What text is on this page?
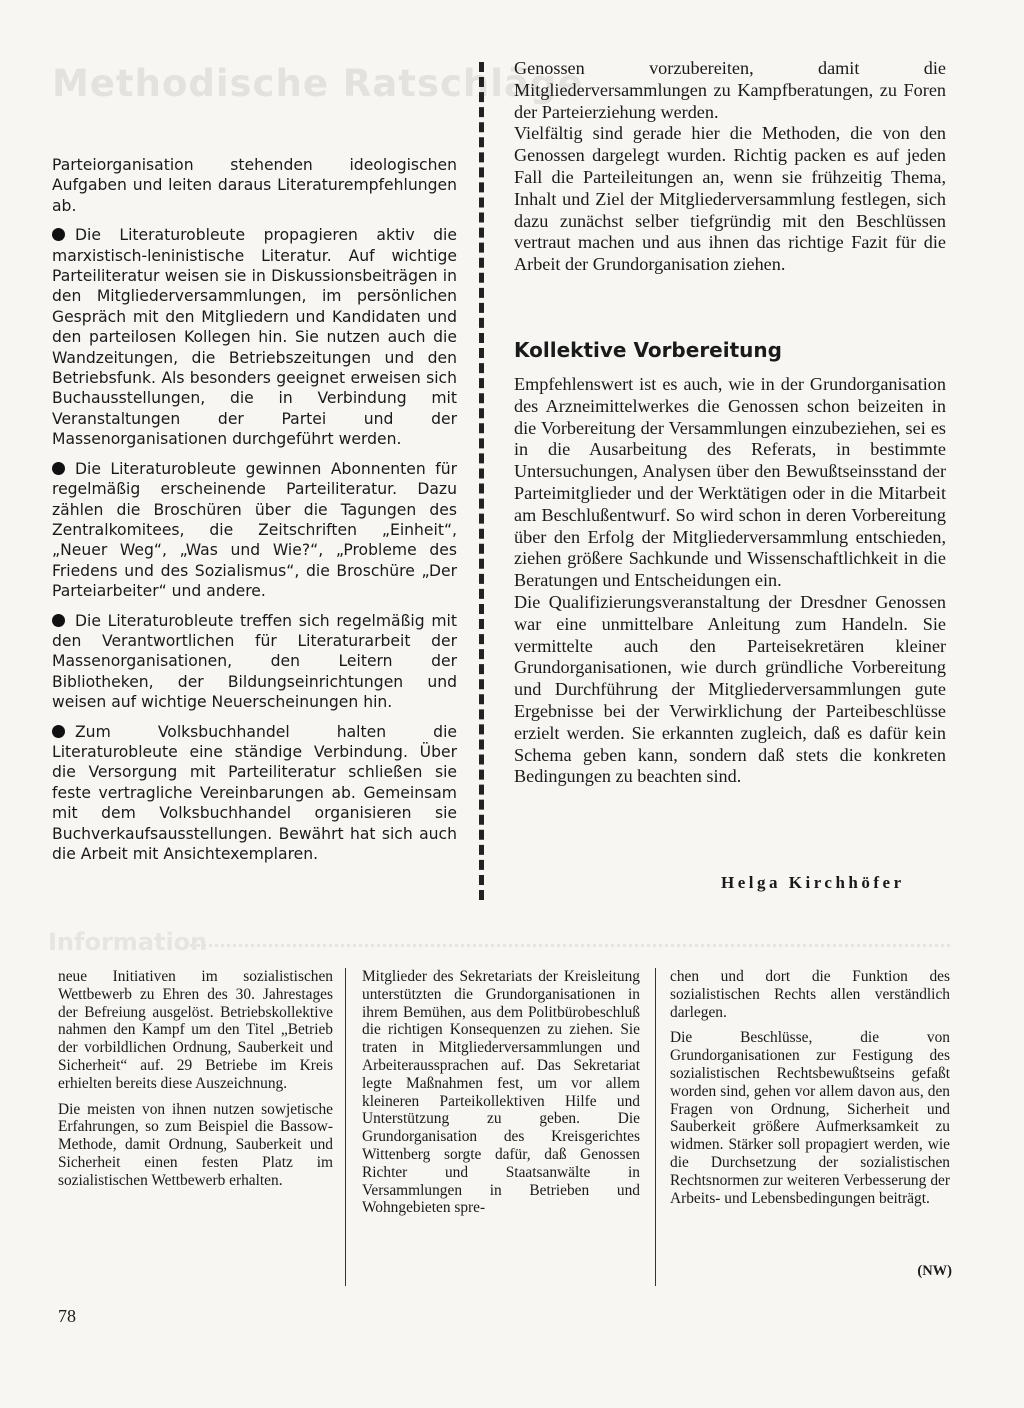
Methodische Ratschläge

Parteiorganisation stehenden ideologischen Aufgaben und leiten daraus Literaturempfehlungen ab.

Die Literaturobleute propagieren aktiv die marxistisch-leninistische Literatur. Auf wichtige Parteiliteratur weisen sie in Diskussionsbeiträgen in den Mitgliederversammlungen, im persönlichen Gespräch mit den Mitgliedern und Kandidaten und den parteilosen Kollegen hin. Sie nutzen auch die Wandzeitungen, die Betriebszeitungen und den Betriebsfunk. Als besonders geeignet erweisen sich Buchausstellungen, die in Verbindung mit Veranstaltungen der Partei und der Massenorganisationen durchgeführt werden.

Die Literaturobleute gewinnen Abonnenten für regelmäßig erscheinende Parteiliteratur. Dazu zählen die Broschüren über die Tagungen des Zentralkomitees, die Zeitschriften „Einheit“, „Neuer Weg“, „Was und Wie?“, „Probleme des Friedens und des Sozialismus“, die Broschüre „Der Parteiarbeiter“ und andere.

Die Literaturobleute treffen sich regelmäßig mit den Verantwortlichen für Literaturarbeit der Massenorganisationen, den Leitern der Bibliotheken, der Bildungseinrichtungen und weisen auf wichtige Neuerscheinungen hin.

Zum Volksbuchhandel halten die Literaturobleute eine ständige Verbindung. Über die Versorgung mit Parteiliteratur schließen sie feste vertragliche Vereinbarungen ab. Gemeinsam mit dem Volksbuchhandel organisieren sie Buchverkaufsausstellungen. Bewährt hat sich auch die Arbeit mit Ansichtexemplaren.

Genossen vorzubereiten, damit die Mitgliederversammlungen zu Kampfberatungen, zu Foren der Parteierziehung werden.

Vielfältig sind gerade hier die Methoden, die von den Genossen dargelegt wurden. Richtig packen es auf jeden Fall die Parteileitungen an, wenn sie frühzeitig Thema, Inhalt und Ziel der Mitgliederversammlung festlegen, sich dazu zunächst selber tiefgründig mit den Beschlüssen vertraut machen und aus ihnen das richtige Fazit für die Arbeit der Grundorganisation ziehen.

Kollektive Vorbereitung

Empfehlenswert ist es auch, wie in der Grundorganisation des Arzneimittelwerkes die Genossen schon beizeiten in die Vorbereitung der Versammlungen einzubeziehen, sei es in die Ausarbeitung des Referats, in bestimmte Untersuchungen, Analysen über den Bewußtseinsstand der Parteimitglieder und der Werktätigen oder in die Mitarbeit am Beschlußentwurf. So wird schon in deren Vorbereitung über den Erfolg der Mitgliederversammlung entschieden, ziehen größere Sachkunde und Wissenschaftlichkeit in die Beratungen und Entscheidungen ein.

Die Qualifizierungsveranstaltung der Dresdner Genossen war eine unmittelbare Anleitung zum Handeln. Sie vermittelte auch den Parteisekretären kleiner Grundorganisationen, wie durch gründliche Vorbereitung und Durchführung der Mitgliederversammlungen gute Ergebnisse bei der Verwirklichung der Parteibeschlüsse erzielt werden. Sie erkannten zugleich, daß es dafür kein Schema geben kann, sondern daß stets die konkreten Bedingungen zu beachten sind.

Helga Kirchhöfer
Information

neue Initiativen im sozialistischen Wettbewerb zu Ehren des 30. Jahrestages der Befreiung ausgelöst. Betriebskollektive nahmen den Kampf um den Titel „Betrieb der vorbildlichen Ordnung, Sauberkeit und Sicherheit“ auf. 29 Betriebe im Kreis erhielten bereits diese Auszeichnung.

Die meisten von ihnen nutzen sowjetische Erfahrungen, so zum Beispiel die Bassow-Methode, damit Ordnung, Sauberkeit und Sicherheit einen festen Platz im sozialistischen Wettbewerb erhalten.

Mitglieder des Sekretariats der Kreisleitung unterstützten die Grundorganisationen in ihrem Bemühen, aus dem Politbürobeschluß die richtigen Konsequenzen zu ziehen. Sie traten in Mitgliederversammlungen und Arbeiteraussprachen auf. Das Sekretariat legte Maßnahmen fest, um vor allem kleineren Parteikollektiven Hilfe und Unterstützung zu geben. Die Grundorganisation des Kreisgerichtes Wittenberg sorgte dafür, daß Genossen Richter und Staatsanwälte in Versammlungen in Betrieben und Wohngebieten spre-

chen und dort die Funktion des sozialistischen Rechts allen verständlich darlegen.

Die Beschlüsse, die von Grundorganisationen zur Festigung des sozialistischen Rechtsbewußtseins gefaßt worden sind, gehen vor allem davon aus, den Fragen von Ordnung, Sicherheit und Sauberkeit größere Aufmerksamkeit zu widmen. Stärker soll propagiert werden, wie die Durchsetzung der sozialistischen Rechtsnormen zur weiteren Verbesserung der Arbeits- und Lebensbedingungen beiträgt.

(NW)
78
